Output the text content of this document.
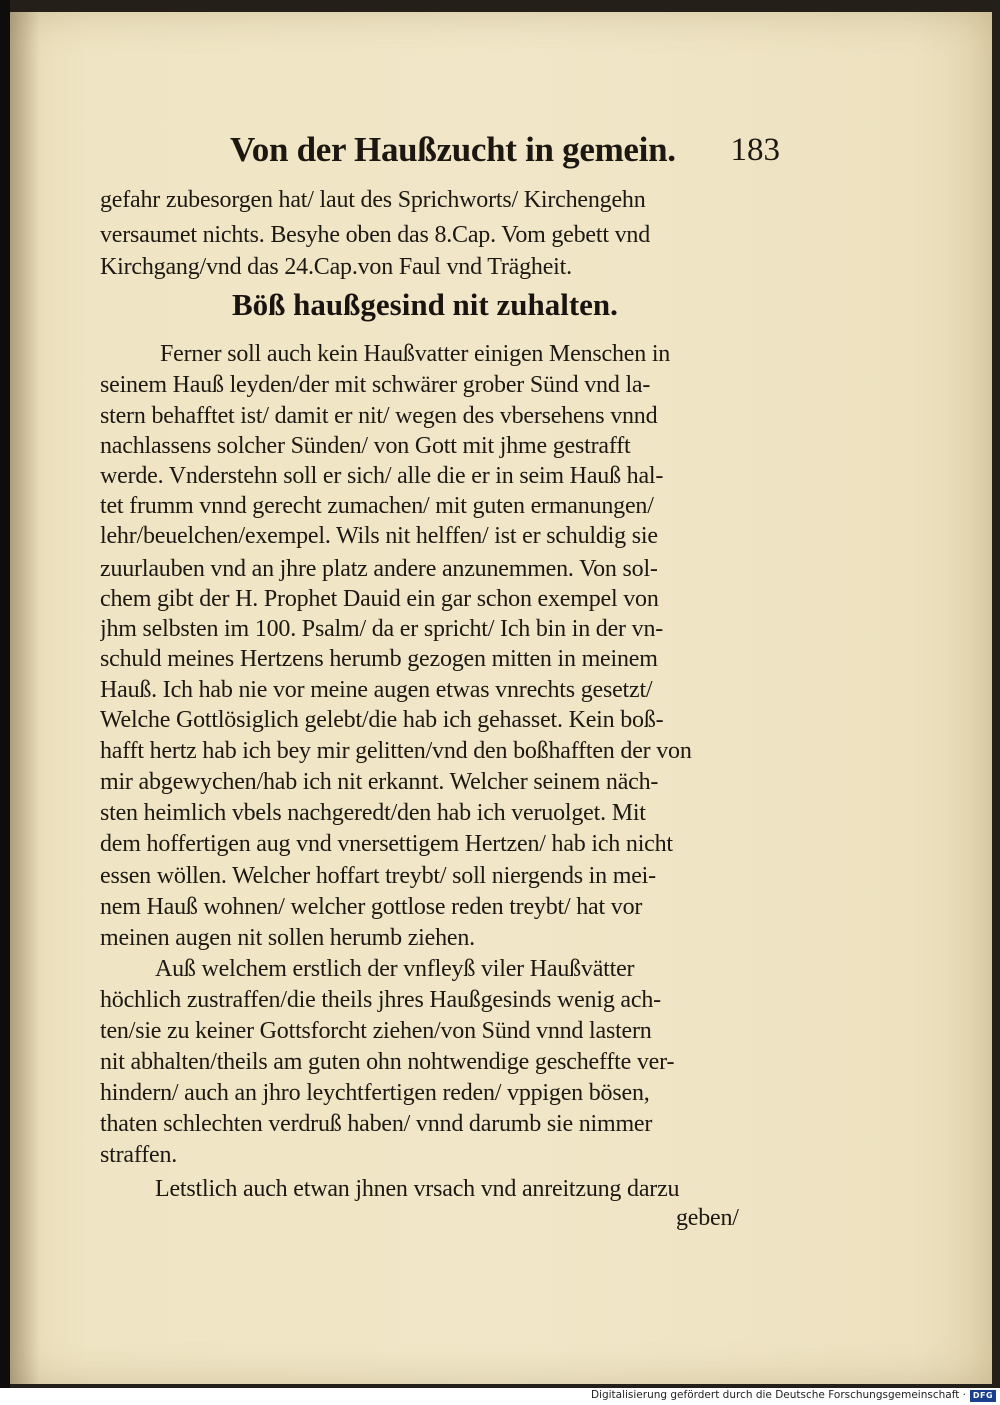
Von der Haußzucht in gemein. 183
gefahr zubesorgen hat/ laut des Sprichworts/ Kirchengehn
versaumet nichts. Besyhe oben das 8.Cap. Vom gebett vnd
Kirchgang/vnd das 24.Cap.von Faul vnd Trägheit.
Böß haußgesind nit zuhalten.
Ferner soll auch kein Haußvatter einigen Menschen in
seinem Hauß leyden/der mit schwärer grober Sünd vnd la-
stern behafftet ist/ damit er nit/ wegen des vbersehens vnnd
nachlassens solcher Sünden/ von Gott mit jhme gestrafft
werde. Vnderstehn soll er sich/ alle die er in seim Hauß hal-
tet frumm vnnd gerecht zumachen/ mit guten ermanungen/
lehr/beuelchen/exempel. Wils nit helffen/ ist er schuldig sie
zuurlauben vnd an jhre platz andere anzunemmen. Von sol-
chem gibt der H. Prophet Dauid ein gar schon exempel von
jhm selbsten im 100. Psalm/ da er spricht/ Ich bin in der vn-
schuld meines Hertzens herumb gezogen mitten in meinem
Hauß. Ich hab nie vor meine augen etwas vnrechts gesetzt/
Welche Gottlösiglich gelebt/die hab ich gehasset. Kein boß-
hafft hertz hab ich bey mir gelitten/vnd den boßhafften der von
mir abgewychen/hab ich nit erkannt. Welcher seinem näch-
sten heimlich vbels nachgeredt/den hab ich veruolget. Mit
dem hoffertigen aug vnd vnersettigem Hertzen/ hab ich nicht
essen wöllen. Welcher hoffart treybt/ soll niergends in mei-
nem Hauß wohnen/ welcher gottlose reden treybt/ hat vor
meinen augen nit sollen herumb ziehen.
Auß welchem erstlich der vnfleyß viler Haußvätter
höchlich zustraffen/die theils jhres Haußgesinds wenig ach-
ten/sie zu keiner Gottsforcht ziehen/von Sünd vnnd lastern
nit abhalten/theils am guten ohn nohtwendige gescheffte ver-
hindern/ auch an jhro leychtfertigen reden/ vppigen bösen,
thaten schlechten verdruß haben/ vnnd darumb sie nimmer
straffen.
Letstlich auch etwan jhnen vrsach vnd anreitzung darzu
geben/
Digitalisierung gefördert durch die Deutsche Forschungsgemeinschaft · DFG
